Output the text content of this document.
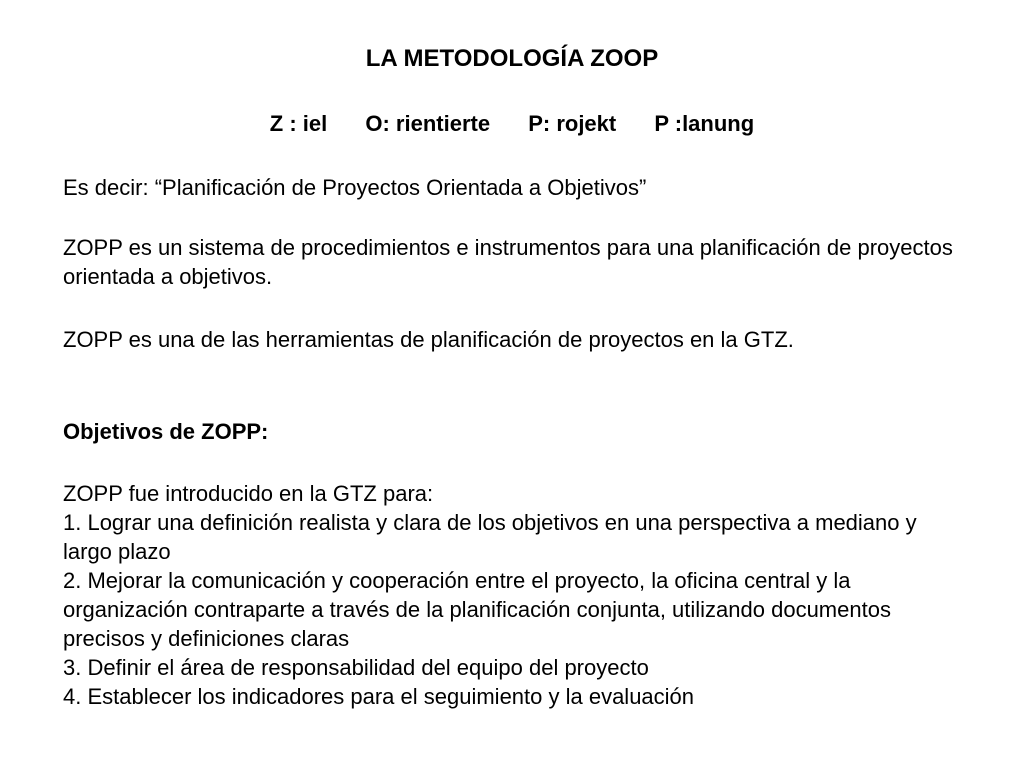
LA METODOLOGÍA ZOOP
Z : iel O: rientierte P: rojekt P :lanung
Es decir: “Planificación de Proyectos Orientada a Objetivos”
ZOPP es un sistema de procedimientos e instrumentos para una planificación de proyectos orientada a objetivos.
ZOPP es una de las herramientas de planificación de proyectos en la GTZ.
Objetivos de ZOPP:
ZOPP fue introducido en la GTZ para:
1. Lograr una definición realista y clara de los objetivos en una perspectiva a mediano y largo plazo
2. Mejorar la comunicación y cooperación entre el proyecto, la oficina central y la organización contraparte a través de la planificación conjunta, utilizando documentos precisos y definiciones claras
3. Definir el área de responsabilidad del equipo del proyecto
4. Establecer los indicadores para el seguimiento y la evaluación
